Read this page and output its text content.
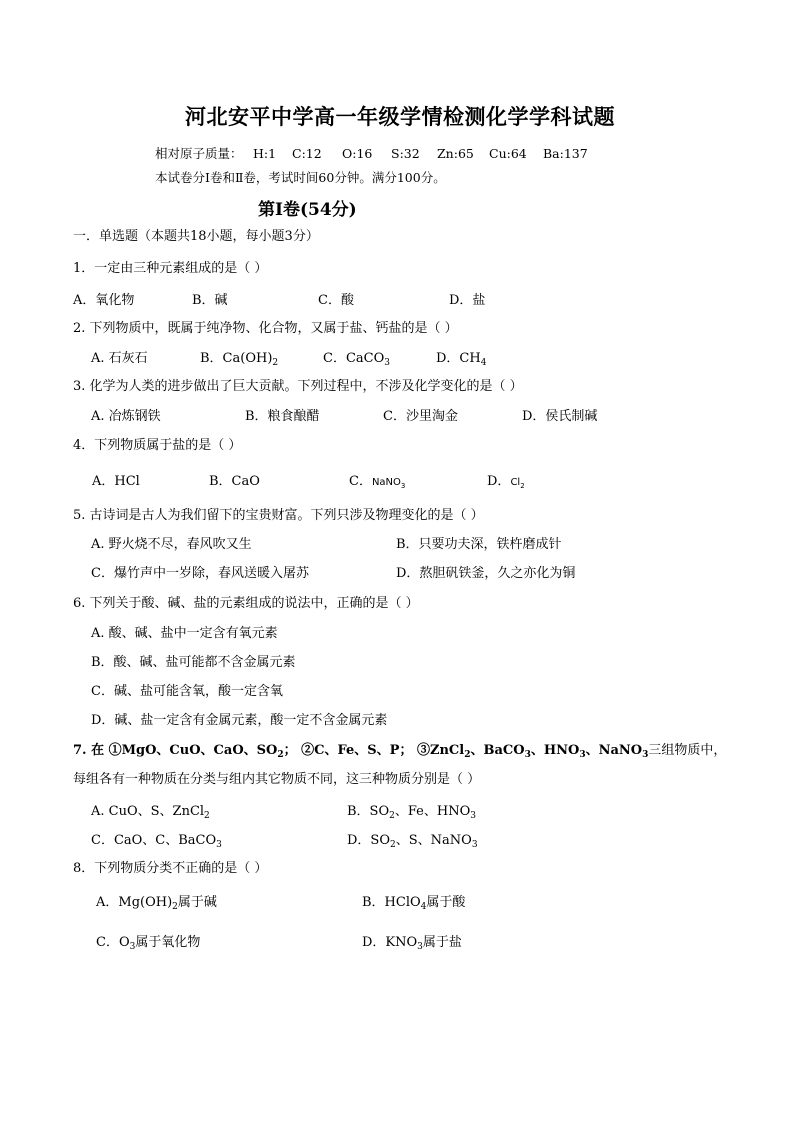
河北安平中学高一年级学情检测化学学科试题
相对原子质量： H:1 C:12 O:16 S:32 Zn:65 Cu:64 Ba:137
本试卷分Ⅰ卷和Ⅱ卷，考试时间60分钟。满分100分。
第Ⅰ卷(54分)
一．单选题（本题共18小题，每小题3分）
1．一定由三种元素组成的是（ ）
A．氧化物	B．碱	C．酸	D．盐
2. 下列物质中，既属于纯净物、化合物，又属于盐、钙盐的是（ ）
A. 石灰石	B．$Ca(OH)_2$	C．CaCO$_3$	D．$CH_4$
3. 化学为人类的进步做出了巨大贡献。下列过程中，不涉及化学变化的是（ ）
A. 冶炼钢铁	B．粮食酿醋	C．沙里淘金	D．侯氏制碱
4．下列物质属于盐的是（ ）
A．HCl	B．CaO	C．NaNO$_3$	D．$Cl_2$
5. 古诗词是古人为我们留下的宝贵财富。下列只涉及物理变化的是（ ）
A. 野火烧不尽，春风吹又生	B．只要功夫深，铁杵磨成针
C．爆竹声中一岁除，春风送暖入屠苏	D．熬胆矾铁釜，久之亦化为铜
6. 下列关于酸、碱、盐的元素组成的说法中，正确的是（ ）
A. 酸、碱、盐中一定含有氧元素
B．酸、碱、盐可能都不含金属元素
C．碱、盐可能含氧，酸一定含氧
D．碱、盐一定含有金属元素，酸一定不含金属元素
7. 在 ①MgO、CuO、CaO、$SO_2$； ②C、Fe、S、P； ③ZnCl$_2$、BaCO$_3$、$HNO_3$、NaNO$_3$三组物质中，
每组各有一种物质在分类与组内其它物质不同，这三种物质分别是（ ）
A. CuO、S、ZnCl$_2$	B．$SO_2$、Fe、$HNO_3$
C．CaO、C、BaCO$_3$	D．$SO_2$、S、NaNO$_3$
8．下列物质分类不正确的是（ ）
A．$Mg(OH)_2$属于碱	B．HClO$_4$属于酸
C．$O_3$属于氧化物	D．$KNO_3$属于盐
